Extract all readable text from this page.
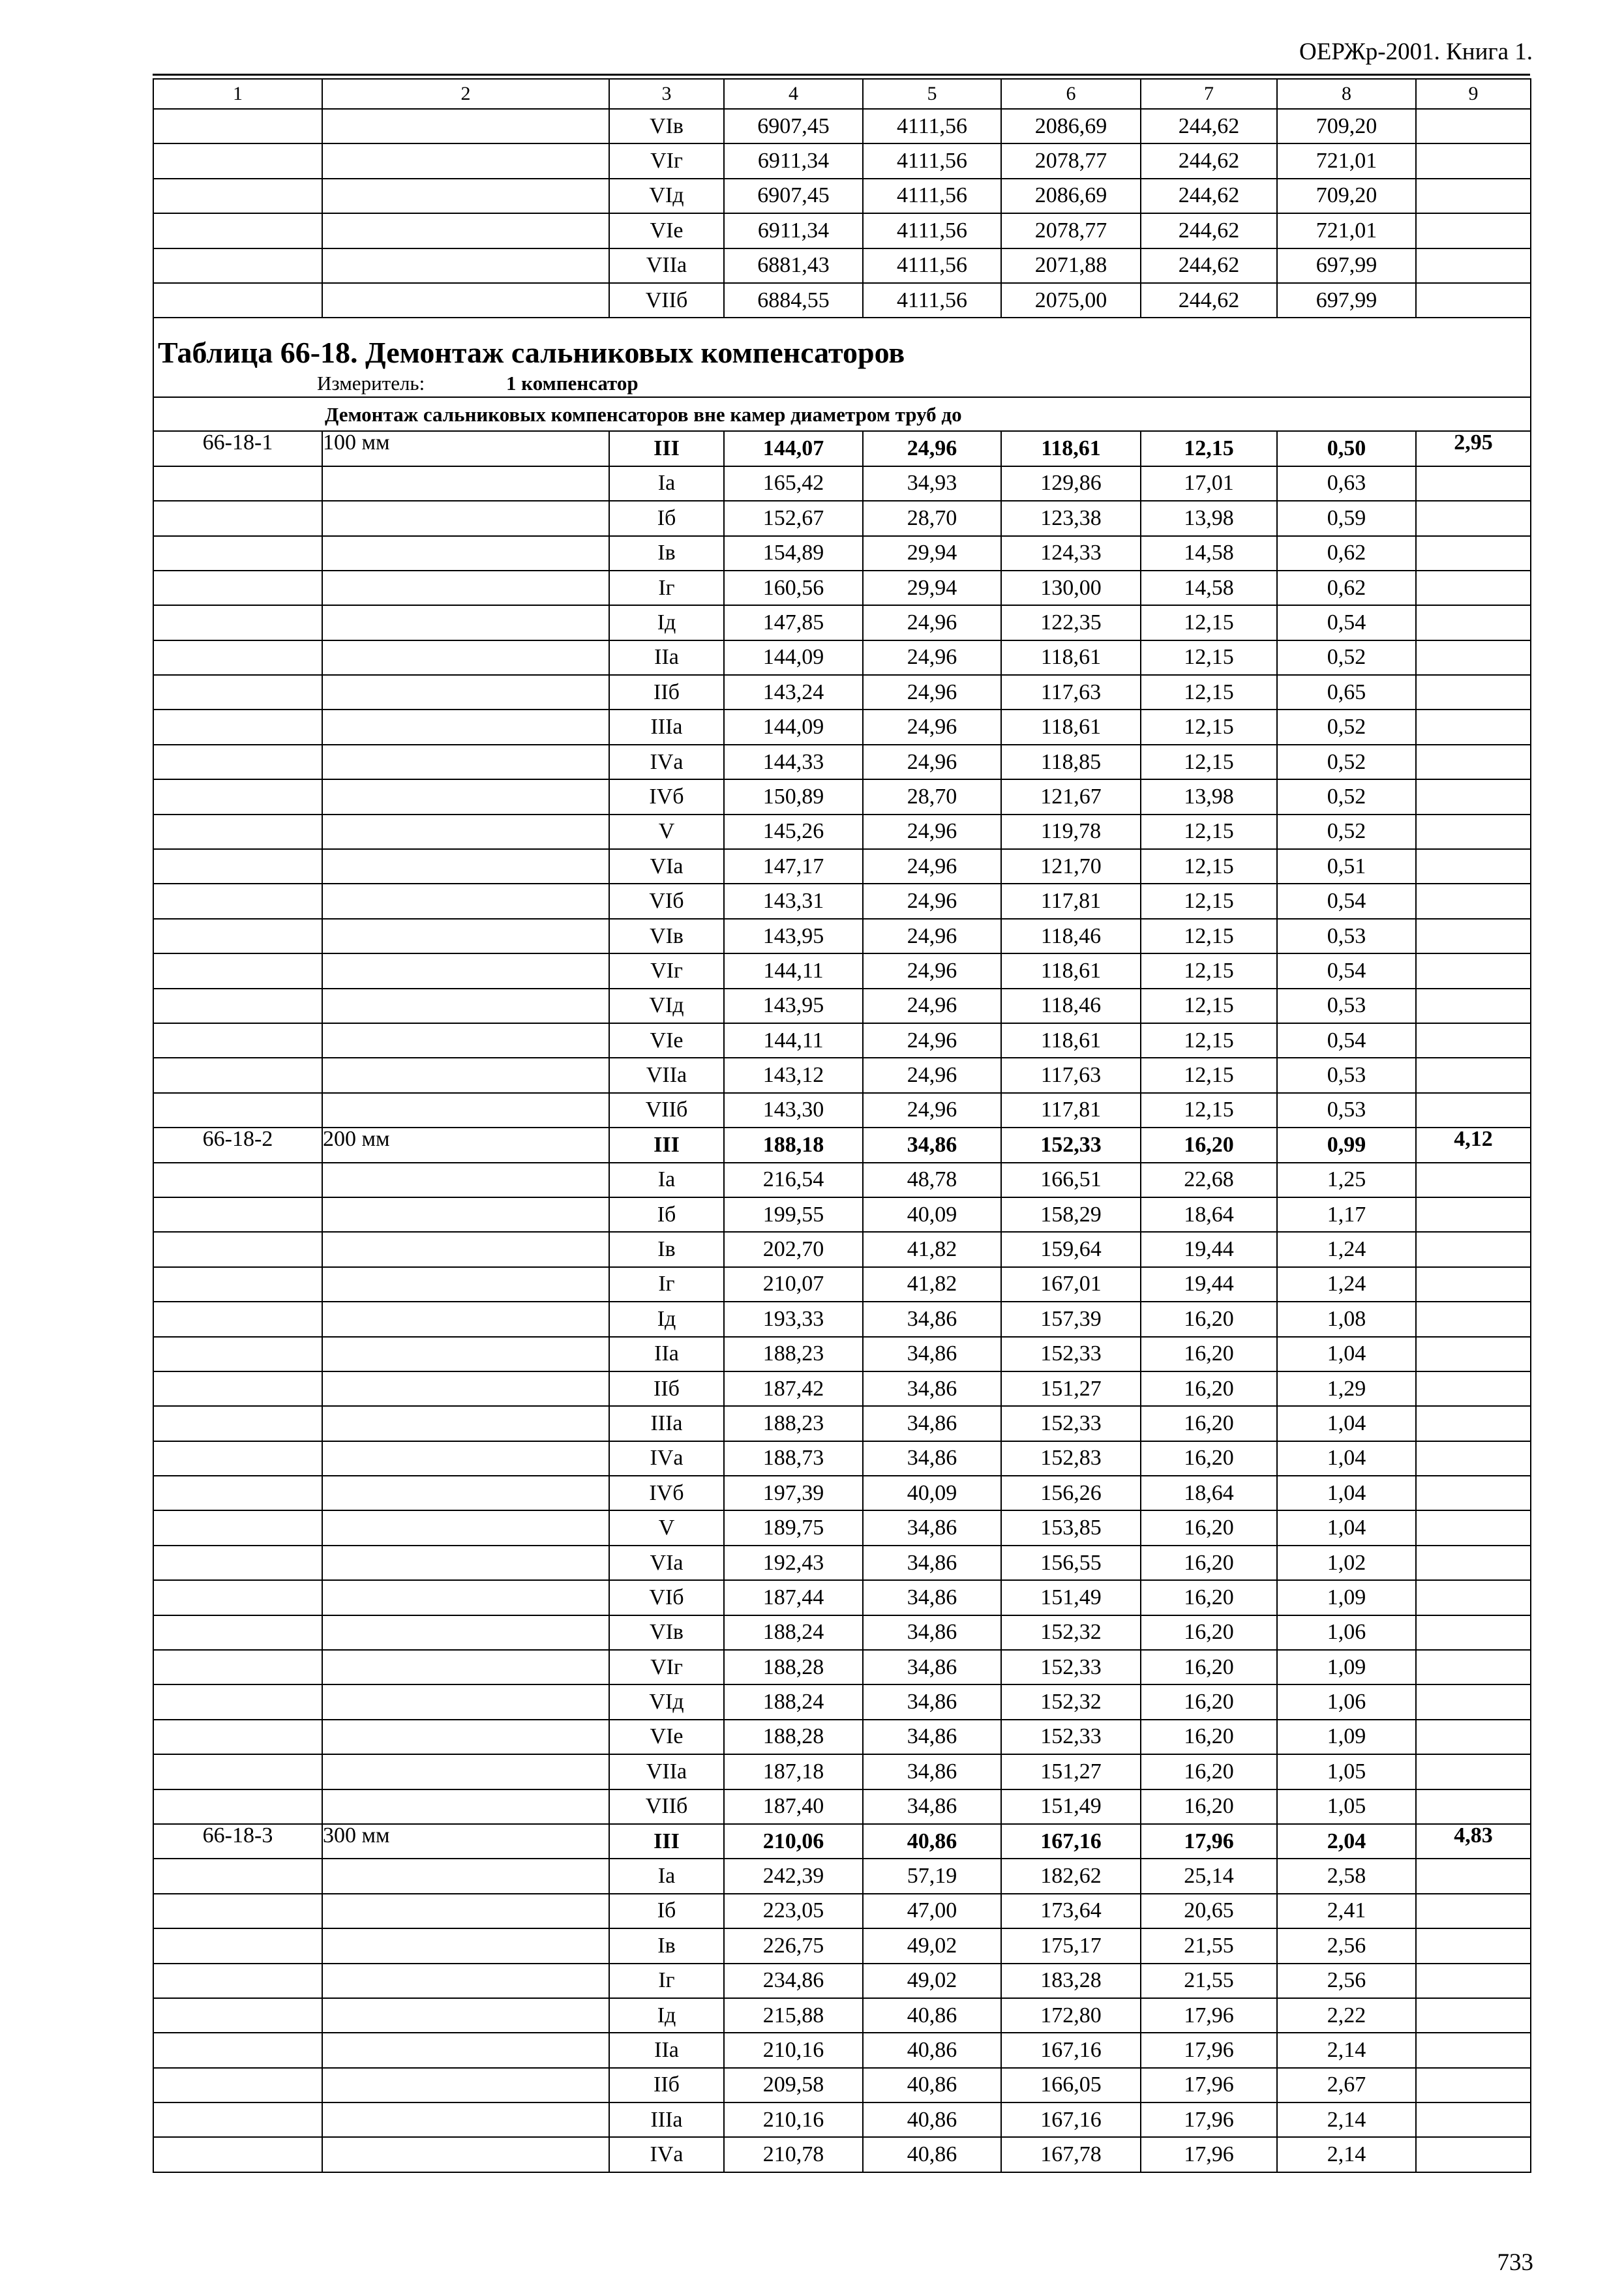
ОЕРЖр-2001. Книга 1.
1	2	3	4	5	6	7	8	9
		VIв	6907,45	4111,56	2086,69	244,62	709,20	
		VIг	6911,34	4111,56	2078,77	244,62	721,01	
		VIд	6907,45	4111,56	2086,69	244,62	709,20	
		VIе	6911,34	4111,56	2078,77	244,62	721,01	
		VIIа	6881,43	4111,56	2071,88	244,62	697,99	
		VIIб	6884,55	4111,56	2075,00	244,62	697,99	
Таблица 66-18. Демонтаж сальниковых компенсаторов								
Измеритель: 1 компенсатор								
Демонтаж сальниковых компенсаторов вне камер диаметром труб до								
66-18-1	100 мм	III	144,07	24,96	118,61	12,15	0,50	2,95
		Iа	165,42	34,93	129,86	17,01	0,63	
		Iб	152,67	28,70	123,38	13,98	0,59	
		Iв	154,89	29,94	124,33	14,58	0,62	
		Iг	160,56	29,94	130,00	14,58	0,62	
		Iд	147,85	24,96	122,35	12,15	0,54	
		IIа	144,09	24,96	118,61	12,15	0,52	
		IIб	143,24	24,96	117,63	12,15	0,65	
		IIIа	144,09	24,96	118,61	12,15	0,52	
		IVа	144,33	24,96	118,85	12,15	0,52	
		IVб	150,89	28,70	121,67	13,98	0,52	
		V	145,26	24,96	119,78	12,15	0,52	
		VIа	147,17	24,96	121,70	12,15	0,51	
		VIб	143,31	24,96	117,81	12,15	0,54	
		VIв	143,95	24,96	118,46	12,15	0,53	
		VIг	144,11	24,96	118,61	12,15	0,54	
		VIд	143,95	24,96	118,46	12,15	0,53	
		VIе	144,11	24,96	118,61	12,15	0,54	
		VIIа	143,12	24,96	117,63	12,15	0,53	
		VIIб	143,30	24,96	117,81	12,15	0,53	
66-18-2	200 мм	III	188,18	34,86	152,33	16,20	0,99	4,12
		Iа	216,54	48,78	166,51	22,68	1,25	
		Iб	199,55	40,09	158,29	18,64	1,17	
		Iв	202,70	41,82	159,64	19,44	1,24	
		Iг	210,07	41,82	167,01	19,44	1,24	
		Iд	193,33	34,86	157,39	16,20	1,08	
		IIа	188,23	34,86	152,33	16,20	1,04	
		IIб	187,42	34,86	151,27	16,20	1,29	
		IIIа	188,23	34,86	152,33	16,20	1,04	
		IVа	188,73	34,86	152,83	16,20	1,04	
		IVб	197,39	40,09	156,26	18,64	1,04	
		V	189,75	34,86	153,85	16,20	1,04	
		VIа	192,43	34,86	156,55	16,20	1,02	
		VIб	187,44	34,86	151,49	16,20	1,09	
		VIв	188,24	34,86	152,32	16,20	1,06	
		VIг	188,28	34,86	152,33	16,20	1,09	
		VIд	188,24	34,86	152,32	16,20	1,06	
		VIе	188,28	34,86	152,33	16,20	1,09	
		VIIа	187,18	34,86	151,27	16,20	1,05	
		VIIб	187,40	34,86	151,49	16,20	1,05	
66-18-3	300 мм	III	210,06	40,86	167,16	17,96	2,04	4,83
		Iа	242,39	57,19	182,62	25,14	2,58	
		Iб	223,05	47,00	173,64	20,65	2,41	
		Iв	226,75	49,02	175,17	21,55	2,56	
		Iг	234,86	49,02	183,28	21,55	2,56	
		Iд	215,88	40,86	172,80	17,96	2,22	
		IIа	210,16	40,86	167,16	17,96	2,14	
		IIб	209,58	40,86	166,05	17,96	2,67	
		IIIа	210,16	40,86	167,16	17,96	2,14	
		IVа	210,78	40,86	167,78	17,96	2,14	
733
